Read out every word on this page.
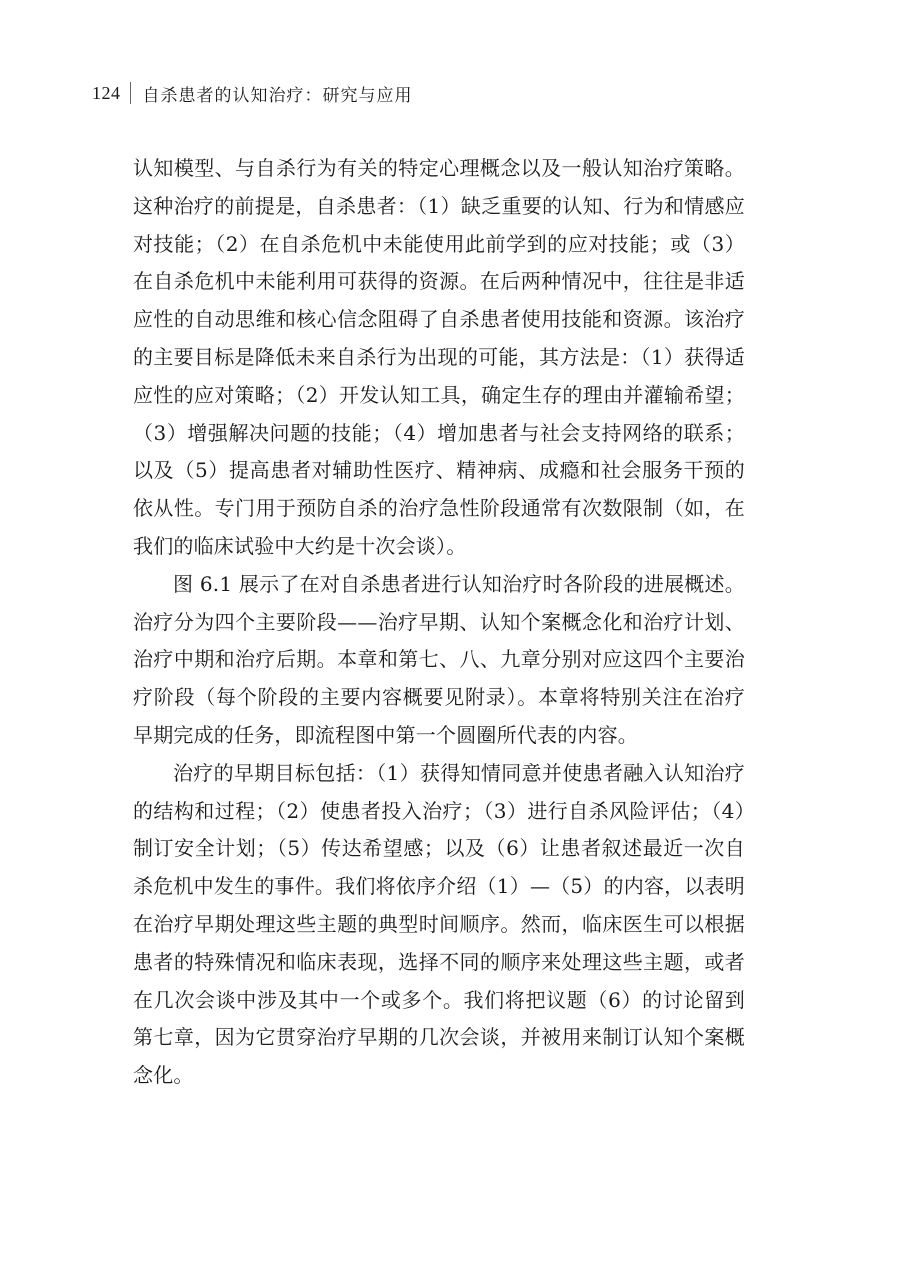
124 自杀患者的认知治疗：研究与应用

认知模型、与自杀行为有关的特定心理概念以及一般认知治疗策略。这种治疗的前提是，自杀患者：（1）缺乏重要的认知、行为和情感应对技能；（2）在自杀危机中未能使用此前学到的应对技能；或（3）在自杀危机中未能利用可获得的资源。在后两种情况中，往往是非适应性的自动思维和核心信念阻碍了自杀患者使用技能和资源。该治疗的主要目标是降低未来自杀行为出现的可能，其方法是：（1）获得适应性的应对策略；（2）开发认知工具，确定生存的理由并灌输希望；（3）增强解决问题的技能；（4）增加患者与社会支持网络的联系；以及（5）提高患者对辅助性医疗、精神病、成瘾和社会服务干预的依从性。专门用于预防自杀的治疗急性阶段通常有次数限制（如，在我们的临床试验中大约是十次会谈）。

图 6.1 展示了在对自杀患者进行认知治疗时各阶段的进展概述。治疗分为四个主要阶段——治疗早期、认知个案概念化和治疗计划、治疗中期和治疗后期。本章和第七、八、九章分别对应这四个主要治疗阶段（每个阶段的主要内容概要见附录）。本章将特别关注在治疗早期完成的任务，即流程图中第一个圆圈所代表的内容。

治疗的早期目标包括：（1）获得知情同意并使患者融入认知治疗的结构和过程；（2）使患者投入治疗；（3）进行自杀风险评估；（4）制订安全计划；（5）传达希望感；以及（6）让患者叙述最近一次自杀危机中发生的事件。我们将依序介绍（1）—（5）的内容，以表明在治疗早期处理这些主题的典型时间顺序。然而，临床医生可以根据患者的特殊情况和临床表现，选择不同的顺序来处理这些主题，或者在几次会谈中涉及其中一个或多个。我们将把议题（6）的讨论留到第七章，因为它贯穿治疗早期的几次会谈，并被用来制订认知个案概念化。
